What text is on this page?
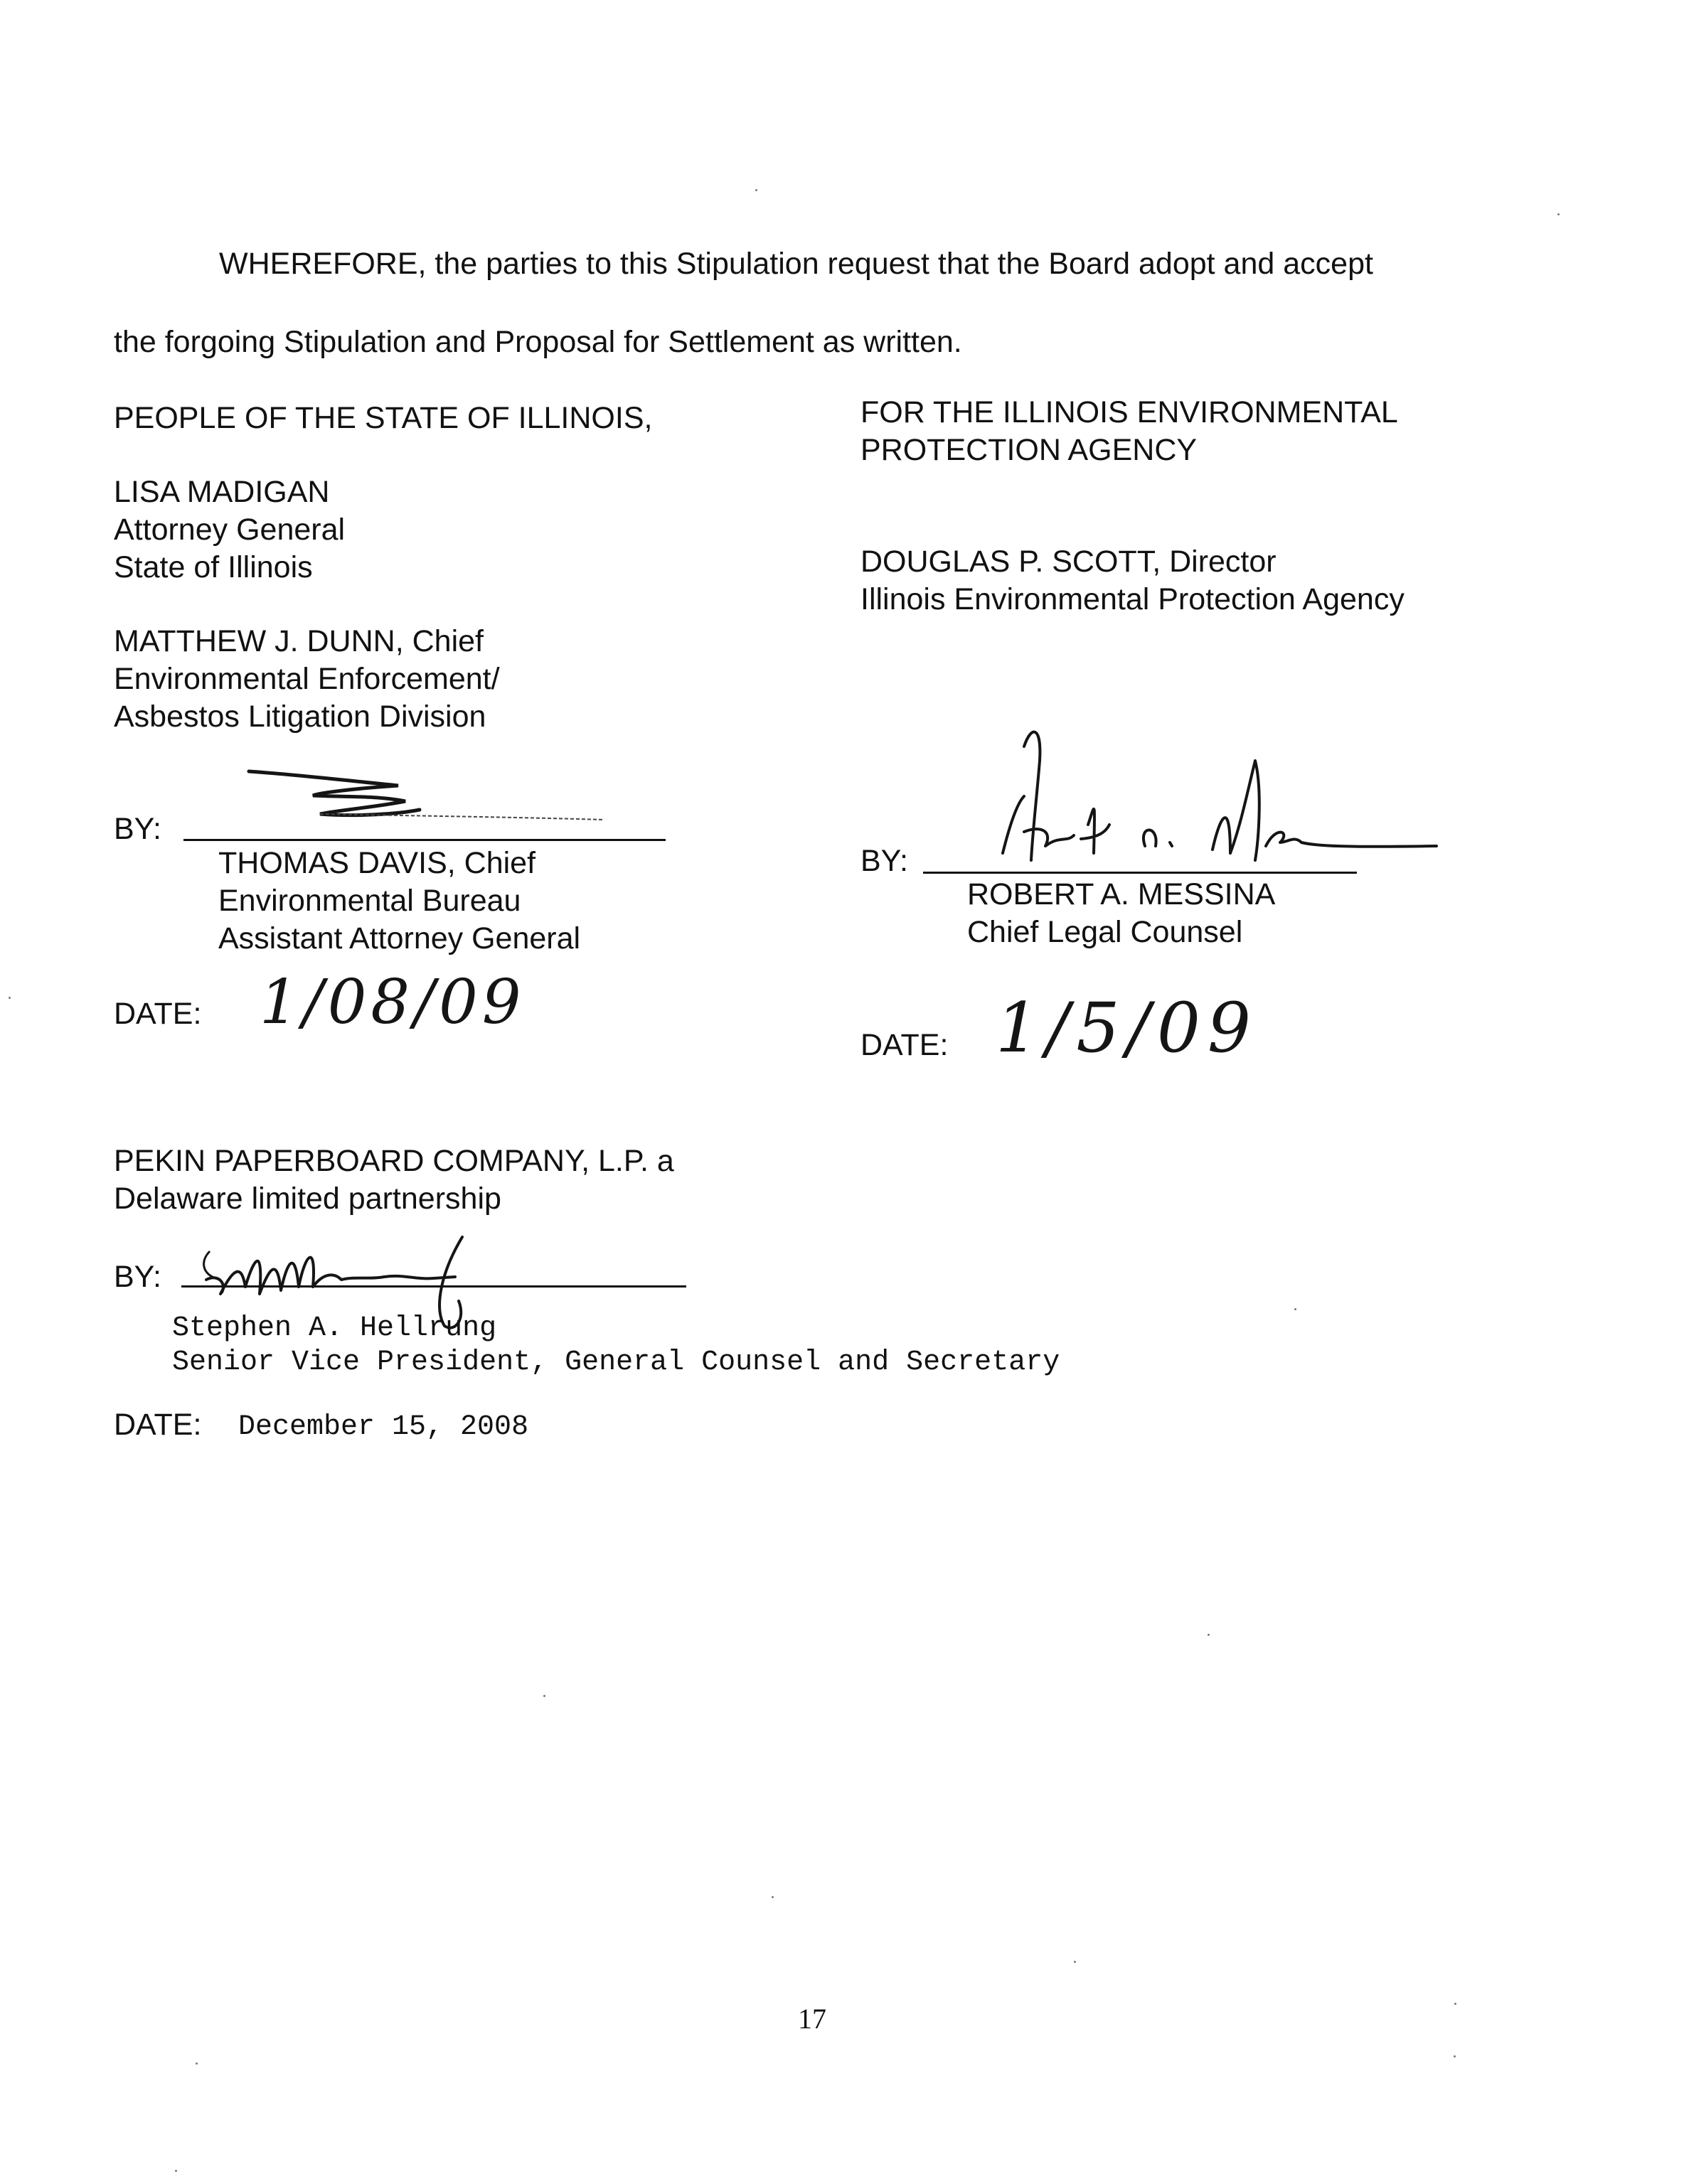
WHEREFORE, the parties to this Stipulation request that the Board adopt and accept
the forgoing Stipulation and Proposal for Settlement as written.
PEOPLE OF THE STATE OF ILLINOIS,
LISA MADIGAN
Attorney General
State of Illinois
MATTHEW J. DUNN, Chief
Environmental Enforcement/
Asbestos Litigation Division
BY:
THOMAS DAVIS, Chief
Environmental Bureau
Assistant Attorney General
DATE: 1/08/09
FOR THE ILLINOIS ENVIRONMENTAL
PROTECTION AGENCY
DOUGLAS P. SCOTT, Director
Illinois Environmental Protection Agency
BY:
ROBERT A. MESSINA
Chief Legal Counsel
DATE: 1/5/09
PEKIN PAPERBOARD COMPANY, L.P. a
Delaware limited partnership
BY:
Stephen A. Hellrung
Senior Vice President, General Counsel and Secretary
DATE: December 15, 2008
17
